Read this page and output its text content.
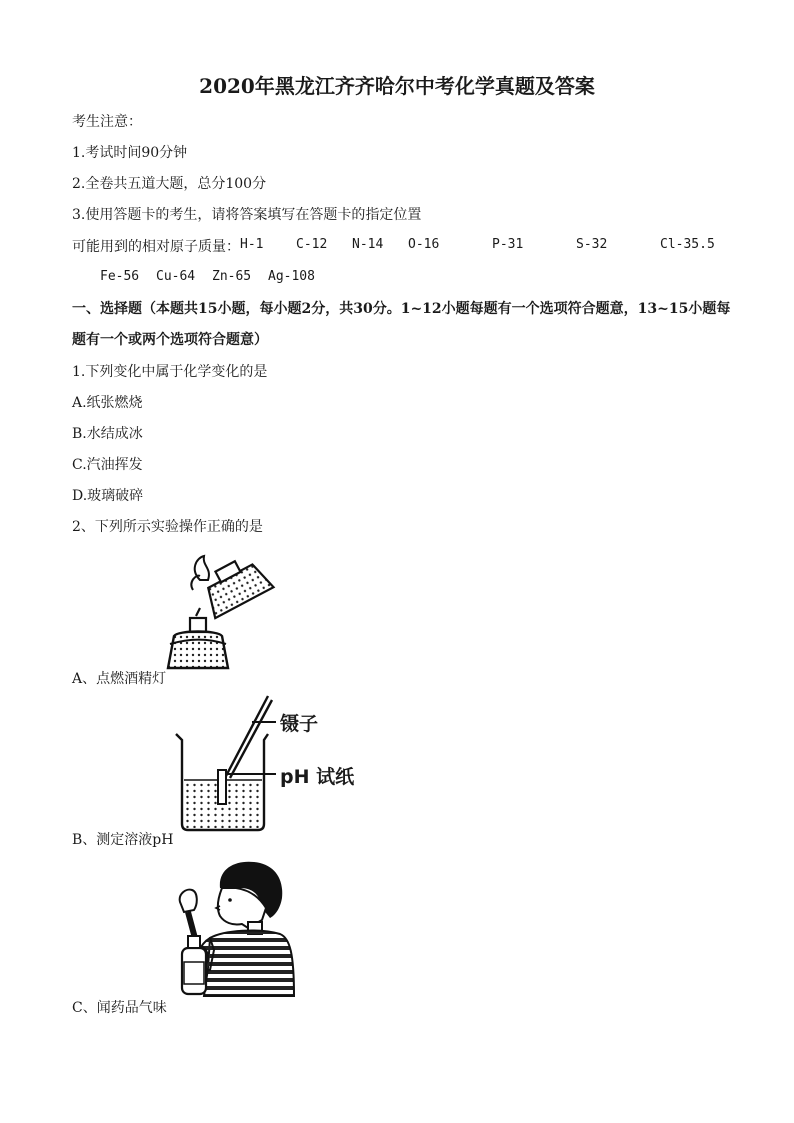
2020年黑龙江齐齐哈尔中考化学真题及答案
考生注意：
1.考试时间90分钟
2.全卷共五道大题，总分100分
3.使用答题卡的考生，请将答案填写在答题卡的指定位置
可能用到的相对原子质量： H-1	C-12 N-14 O-16	P-31	S-32	Cl-35.5
Fe-56 Cu-64 Zn-65 Ag-108
一、选择题（本题共15小题，每小题2分，共30分。1~12小题每题有一个选项符合题意，13~15小题每
题有一个或两个选项符合题意）
1.下列变化中属于化学变化的是
A.纸张燃烧
B.水结成冰
C.汽油挥发
D.玻璃破碎
2、下列所示实验操作正确的是
A、点燃酒精灯
镊子
pH 试纸
B、测定溶液pH
C、闻药品气味
